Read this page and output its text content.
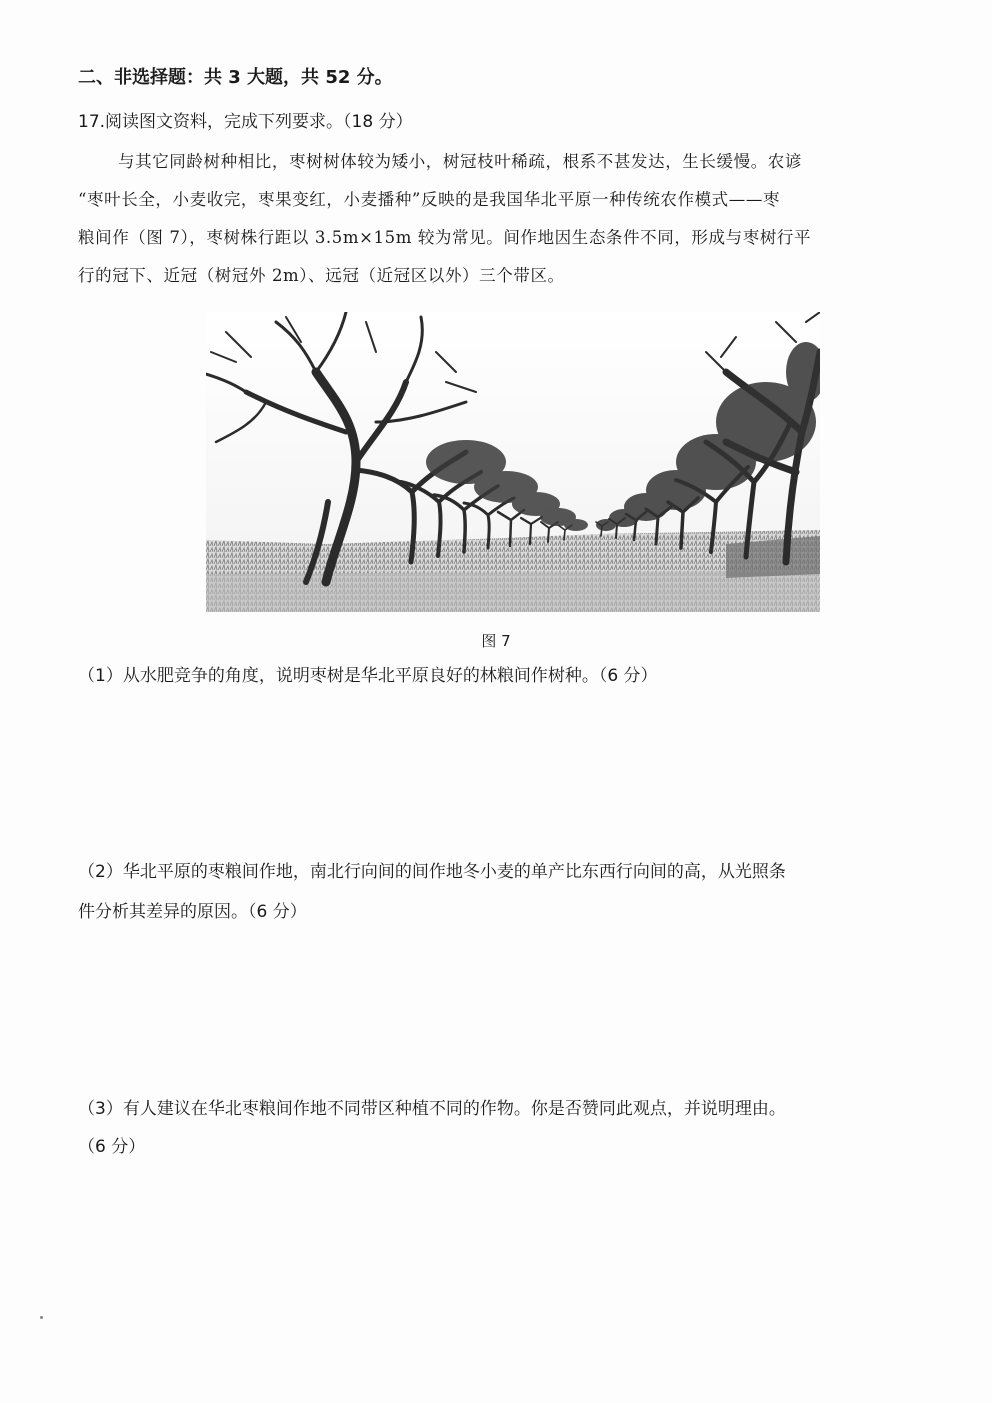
二、非选择题：共 3 大题，共 52 分。
17.阅读图文资料，完成下列要求。（18 分）
与其它同龄树种相比，枣树树体较为矮小，树冠枝叶稀疏，根系不甚发达，生长缓慢。农谚
“枣叶长全，小麦收完，枣果变红，小麦播种”反映的是我国华北平原一种传统农作模式——枣
粮间作（图 7），枣树株行距以 3.5m×15m 较为常见。间作地因生态条件不同，形成与枣树行平
行的冠下、近冠（树冠外 2m）、远冠（近冠区以外）三个带区。
图 7
（1）从水肥竞争的角度，说明枣树是华北平原良好的林粮间作树种。（6 分）
（2）华北平原的枣粮间作地，南北行向间的间作地冬小麦的单产比东西行向间的高，从光照条
件分析其差异的原因。（6 分）
（3）有人建议在华北枣粮间作地不同带区种植不同的作物。你是否赞同此观点，并说明理由。
（6 分）
